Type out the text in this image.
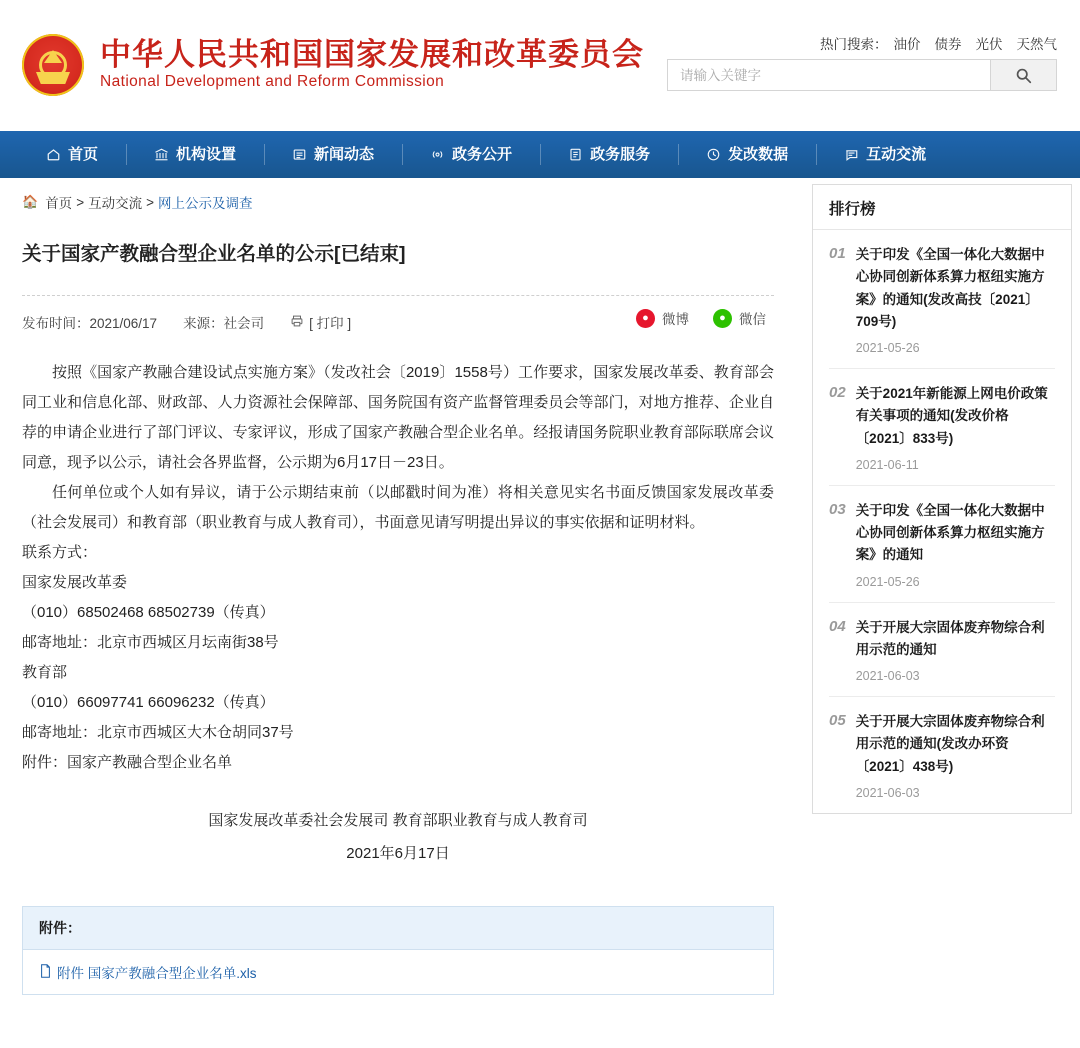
中华人民共和国国家发展和改革委员会
National Development and Reform Commission
热门搜索： 油价 债券 光伏 天然气
请输入关键字
首页	机构设置	新闻动态	政务公开	政务服务	发改数据	互动交流
🏠 首页 > 互动交流 > 网上公示及调查
关于国家产教融合型企业名单的公示[已结束]
发布时间：2021/06/17 来源：社会司	[ 打印 ]	● 微博	● 微信

按照《国家产教融合建设试点实施方案》（发改社会〔2019〕1558号）工作要求，国家发展改革委、教育部会同工业和信息化部、财政部、人力资源社会保障部、国务院国有资产监督管理委员会等部门，对地方推荐、企业自荐的申请企业进行了部门评议、专家评议，形成了国家产教融合型企业名单。经报请国务院职业教育部际联席会议同意，现予以公示，请社会各界监督，公示期为6月17日－23日。

任何单位或个人如有异议，请于公示期结束前（以邮戳时间为准）将相关意见实名书面反馈国家发展改革委（社会发展司）和教育部（职业教育与成人教育司），书面意见请写明提出异议的事实依据和证明材料。

联系方式：

国家发展改革委

（010）68502468 68502739（传真）

邮寄地址：北京市西城区月坛南街38号

教育部

（010）66097741 66096232（传真）

邮寄地址：北京市西城区大木仓胡同37号

附件：国家产教融合型企业名单

国家发展改革委社会发展司 教育部职业教育与成人教育司
2021年6月17日
附件：
附件 国家产教融合型企业名单.xls
排行榜
01 关于印发《全国一体化大数据中心协同创新体系算力枢纽实施方案》的通知(发改高技〔2021〕709号)
2021-05-26
02 关于2021年新能源上网电价政策有关事项的通知(发改价格〔2021〕833号)
2021-06-11
03 关于印发《全国一体化大数据中心协同创新体系算力枢纽实施方案》的通知
2021-05-26
04 关于开展大宗固体废弃物综合利用示范的通知
2021-06-03
05 关于开展大宗固体废弃物综合利用示范的通知(发改办环资〔2021〕438号)
2021-06-03
